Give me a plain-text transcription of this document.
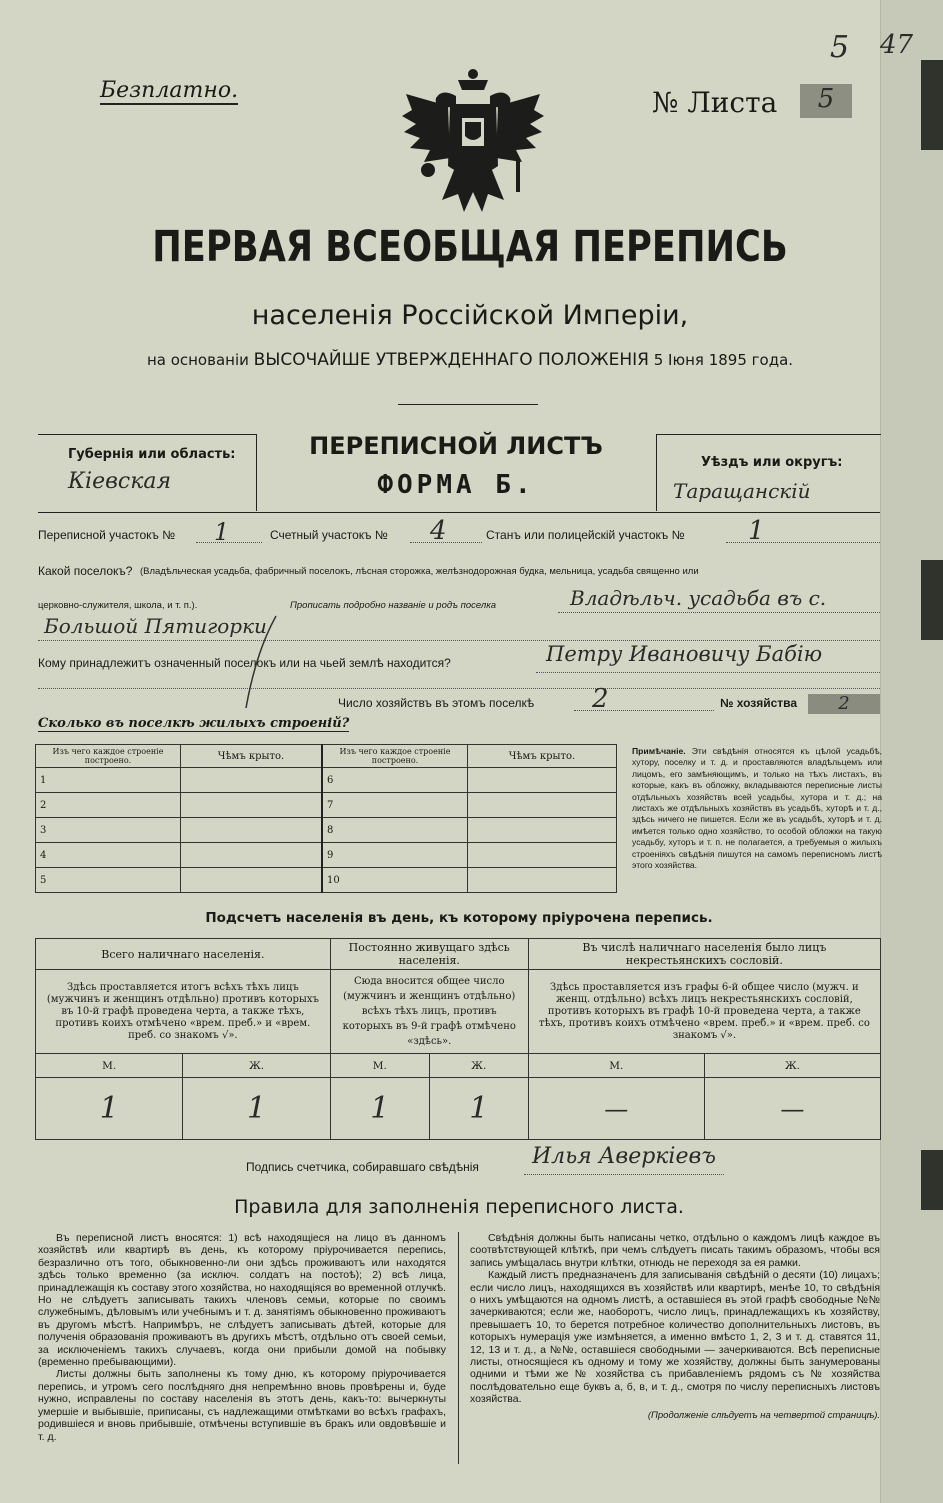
47
5
Безплатно.	№ Листа	5
ПЕРВАЯ ВСЕОБЩАЯ ПЕРЕПИСЬ
населенія Россійской Имперіи,
на основаніи ВЫСОЧАЙШЕ УТВЕРЖДЕННАГО ПОЛОЖЕНІЯ 5 Іюня 1895 года.
Губернія или область:
Кіевская
ПЕРЕПИСНОЙ ЛИСТЪ
ФОРМА Б.
Уѣздъ или округъ:
Таращанскій
Переписной участокъ № 1	Счетный участокъ № 4	Станъ или полицейскій участокъ № 1
Какой поселокъ? (Владѣльческая усадьба, фабричный поселокъ, лѣсная сторожка, желѣзнодорожная будка, мельница, усадьба священно или
церковно-служителя, школа, и т. п.).	Прописать подробно названіе и родъ поселка	Владѣльч. усадьба въ с.
Большой Пятигорки
Кому принадлежитъ означенный поселокъ или на чьей землѣ находится?	Петру Ивановичу Бабію
Число хозяйствъ въ этомъ поселкѣ 2	№ хозяйства	2
Сколько въ поселкѣ жилыхъ строеній?
Изъ чего каждое строеніе построено.	Чѣмъ крыто.	Изъ чего каждое строеніе построено.	Чѣмъ крыто.
1		6	
2		7	
3		8	
4		9	
5		10	
Примѣчаніе. Эти свѣдѣнія относятся къ цѣлой усадьбѣ, хутору, поселку и т. д. и проставляются владѣльцемъ или лицомъ, его замѣняющимъ, и только на тѣхъ листахъ, въ которые, какъ въ обложку, вкладываются переписные листы отдѣльныхъ хозяйствъ всей усадьбы, хутора и т. д.; на листахъ же отдѣльныхъ хозяйствъ въ усадьбѣ, хуторѣ и т. д., здѣсь ничего не пишется. Если же въ усадьбѣ, хуторѣ и т. д. имѣется только одно хозяйство, то особой обложки на такую усадьбу, хуторъ и т. п. не полагается, а требуемыя о жилыхъ строеніяхъ свѣдѣнія пишутся на самомъ переписномъ листѣ этого хозяйства.
Подсчетъ населенія въ день, къ которому пріурочена перепись.
Всего наличнаго населенія.		Постоянно живущаго здѣсь населенія.		Въ числѣ наличнаго населенія было лицъ некрестьянскихъ сословій.	
Здѣсь проставляется итогъ всѣхъ тѣхъ лицъ (мужчинъ и женщинъ отдѣльно) противъ которыхъ въ 10-й графѣ проведена черта, а также тѣхъ, противъ коихъ отмѣчено «врем. преб.» и «врем. преб. со знакомъ √».		Сюда вносится общее число (мужчинъ и женщинъ отдѣльно) всѣхъ тѣхъ лицъ, противъ которыхъ въ 9-й графѣ отмѣчено «здѣсь».		Здѣсь проставляется изъ графы 6-й общее число (мужч. и женщ. отдѣльно) всѣхъ лицъ некрестьянскихъ сословій, противъ которыхъ въ графѣ 10-й проведена черта, а также тѣхъ, противъ коихъ отмѣчено «врем. преб.» и «врем. преб. со знакомъ √».	
М.	Ж.	М.	Ж.	М.	Ж.
1	1	1	1	—	—
Подпись счетчика, собиравшаго свѣдѣнія Илья Аверкіевъ
Правила для заполненія переписного листа.

Въ переписной листъ вносятся: 1) всѣ находящіеся на лицо въ данномъ хозяйствѣ или квартирѣ въ день, къ которому пріурочивается перепись, безразлично отъ того, обыкновенно-ли они здѣсь проживаютъ или находятся здѣсь только временно (за исключ. солдатъ на постоѣ); 2) всѣ лица, принадлежащія къ составу этого хозяйства, но находящіяся во временной отлучкѣ. Но не слѣдуетъ записывать такихъ членовъ семьи, которые по своимъ служебнымъ, дѣловымъ или учебнымъ и т. д. занятіямъ обыкновенно проживаютъ въ другомъ мѣстѣ. Напримѣръ, не слѣдуетъ записывать дѣтей, которые для полученія образованія проживаютъ въ другихъ мѣстѣ, отдѣльно отъ своей семьи, за исключеніемъ такихъ случаевъ, когда они прибыли домой на побывку (временно пребывающими).

Листы должны быть заполнены къ тому дню, къ которому пріурочивается перепись, и утромъ сего послѣдняго дня непремѣнно вновь провѣрены и, буде нужно, исправлены по составу населенія въ этотъ день, какъ-то: вычеркнуты умершіе и выбывшіе, приписаны, съ надлежащими отмѣтками во всѣхъ графахъ, родившіеся и вновь прибывшіе, отмѣчены вступившіе въ бракъ или овдовѣвшіе и т. д.

Свѣдѣнія должны быть написаны четко, отдѣльно о каждомъ лицѣ каждое въ соотвѣтствующей клѣткѣ, при чемъ слѣдуетъ писать такимъ образомъ, чтобы вся запись умѣщалась внутри клѣтки, отнюдь не переходя за ея рамки.

Каждый листъ предназначенъ для записыванія свѣдѣній о десяти (10) лицахъ; если число лицъ, находящихся въ хозяйствѣ или квартирѣ, менѣе 10, то свѣдѣнія о нихъ умѣщаются на одномъ листѣ, а оставшіеся въ этой графѣ свободные №№ зачеркиваются; если же, наоборотъ, число лицъ, принадлежащихъ къ хозяйству, превышаетъ 10, то берется потребное количество дополнительныхъ листовъ, въ которыхъ нумерація уже измѣняется, а именно вмѣсто 1, 2, 3 и т. д. ставятся 11, 12, 13 и т. д., а №№, оставшіеся свободными — зачеркиваются. Всѣ переписные листы, относящіеся къ одному и тому же хозяйству, должны быть занумерованы одними и тѣми же № хозяйства съ прибавленіемъ рядомъ съ № хозяйства послѣдовательно еще буквъ а, б, в, и т. д., смотря по числу переписныхъ листовъ хозяйства.

(Продолженіе слѣдуетъ на четвертой страницѣ).
